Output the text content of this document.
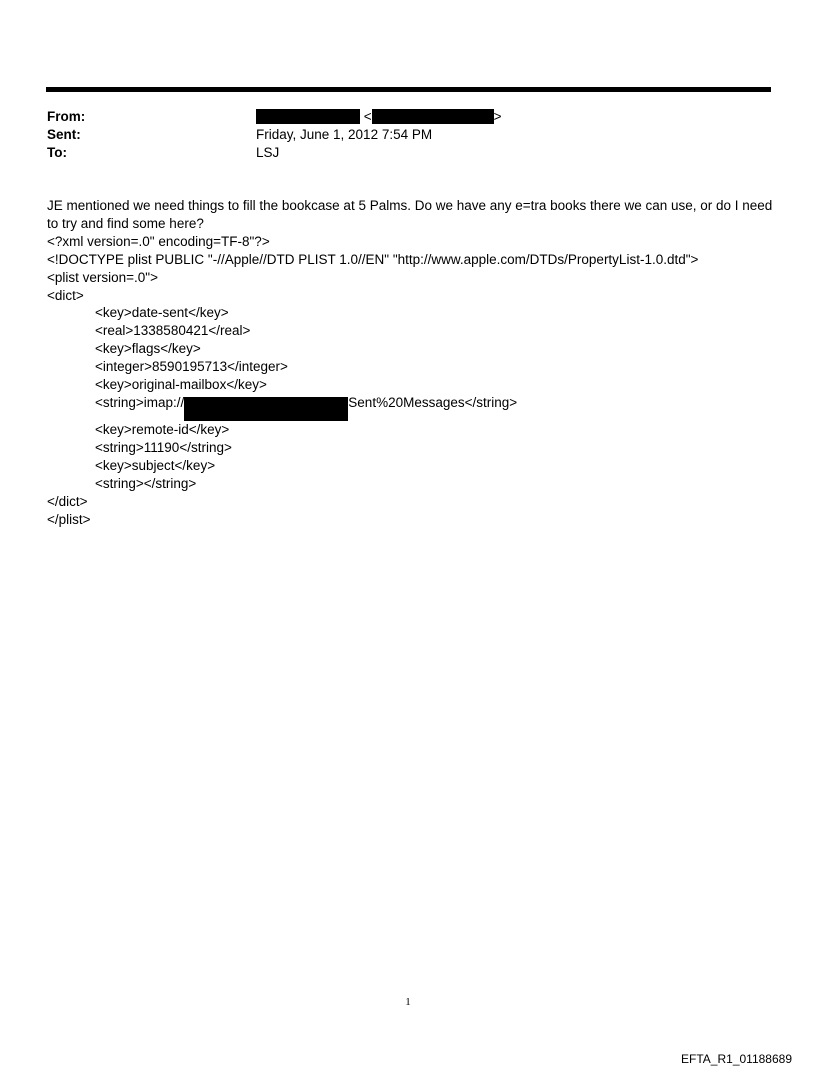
From:	<	>
Sent:	Friday, June 1, 2012 7:54 PM
To:	LSJ

JE mentioned we need things to fill the bookcase at 5 Palms. Do we have any e=tra books there we can use, or do I need

to try and find some here?

<?xml version=.0" encoding=TF-8"?>

<!DOCTYPE plist PUBLIC "-//Apple//DTD PLIST 1.0//EN" "http://www.apple.com/DTDs/PropertyList-1.0.dtd">

<plist version=.0">

<dict>

<key>date-sent</key>

<real>1338580421</real>

<key>flags</key>

<integer>8590195713</integer>

<key>original-mailbox</key>

<string>imap://	Sent%20Messages</string>

<key>remote-id</key>

<string>11190</string>

<key>subject</key>

<string></string>

</dict>

</plist>

1
EFTA_R1_01188689
